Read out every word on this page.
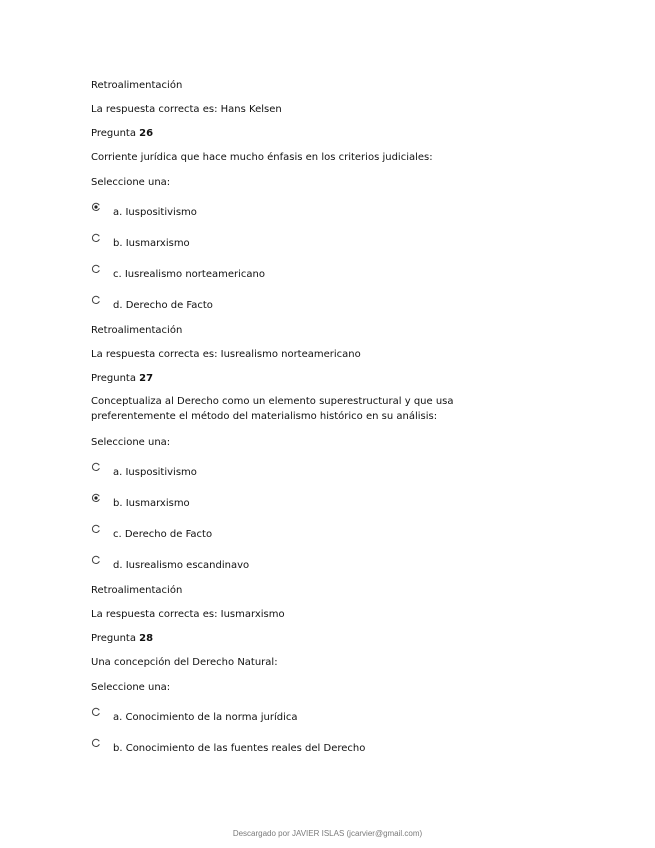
Retroalimentación
La respuesta correcta es: Hans Kelsen
Pregunta 26
Corriente jurídica que hace mucho énfasis en los criterios judiciales:
Seleccione una:
a. Iuspositivismo
b. Iusmarxismo
c. Iusrealismo norteamericano
d. Derecho de Facto
Retroalimentación
La respuesta correcta es: Iusrealismo norteamericano
Pregunta 27
Conceptualiza al Derecho como un elemento superestructural y que usa preferentemente el método del materialismo histórico en su análisis:
Seleccione una:
a. Iuspositivismo
b. Iusmarxismo
c. Derecho de Facto
d. Iusrealismo escandinavo
Retroalimentación
La respuesta correcta es: Iusmarxismo
Pregunta 28
Una concepción del Derecho Natural:
Seleccione una:
a. Conocimiento de la norma jurídica
b. Conocimiento de las fuentes reales del Derecho
Descargado por JAVIER ISLAS (jcarvier@gmail.com)
